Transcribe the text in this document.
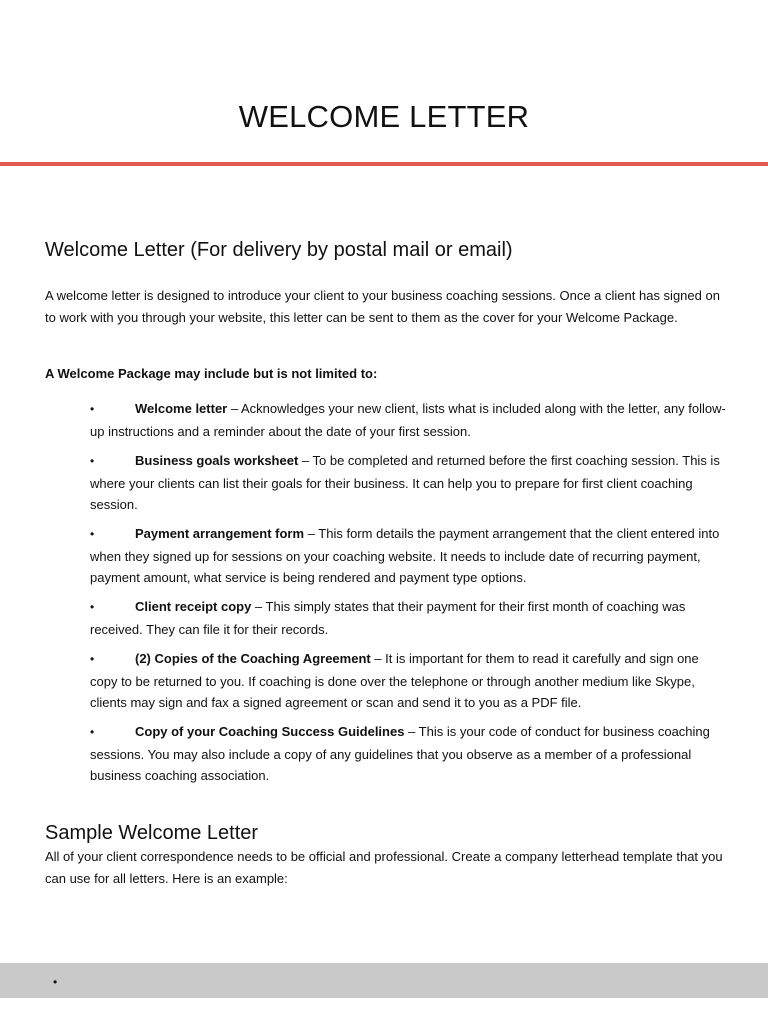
WELCOME LETTER
Welcome Letter (For delivery by postal mail or email)
A welcome letter is designed to introduce your client to your business coaching sessions. Once a client has signed on to work with you through your website, this letter can be sent to them as the cover for your Welcome Package.
A Welcome Package may include but is not limited to:
•	Welcome letter – Acknowledges your new client, lists what is included along with the letter, any follow-up instructions and a reminder about the date of your first session.
•	Business goals worksheet – To be completed and returned before the first coaching session. This is where your clients can list their goals for their business. It can help you to prepare for first client coaching session.
•	Payment arrangement form – This form details the payment arrangement that the client entered into when they signed up for sessions on your coaching website. It needs to include date of recurring payment, payment amount, what service is being rendered and payment type options.
•	Client receipt copy – This simply states that their payment for their first month of coaching was received. They can file it for their records.
•	(2) Copies of the Coaching Agreement – It is important for them to read it carefully and sign one copy to be returned to you. If coaching is done over the telephone or through another medium like Skype, clients may sign and fax a signed agreement or scan and send it to you as a PDF file.
•	Copy of your Coaching Success Guidelines – This is your code of conduct for business coaching sessions. You may also include a copy of any guidelines that you observe as a member of a professional business coaching association.
Sample Welcome Letter
All of your client correspondence needs to be official and professional. Create a company letterhead template that you can use for all letters. Here is an example:
•
